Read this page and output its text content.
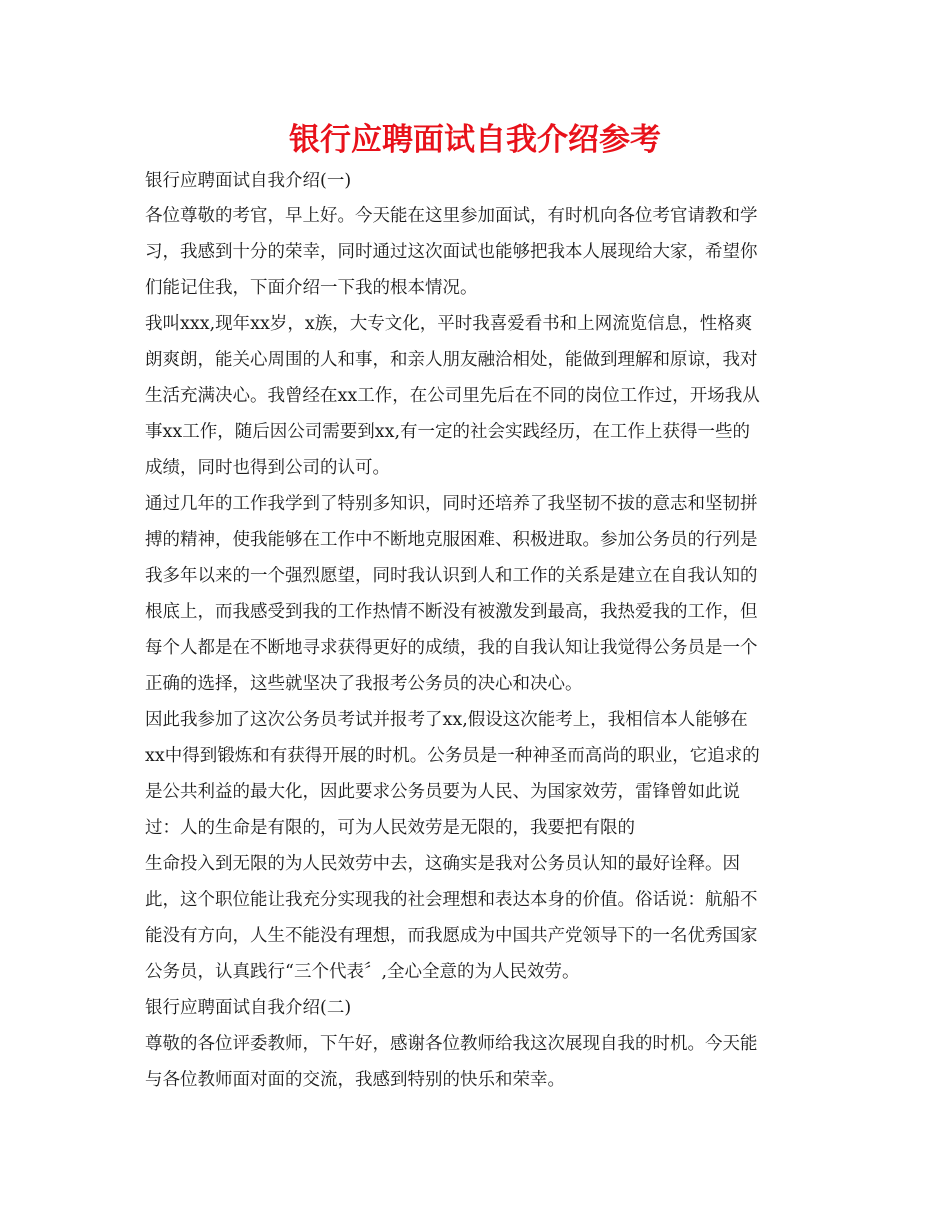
银行应聘面试自我介绍参考

银行应聘面试自我介绍(一)

各位尊敬的考官，早上好。今天能在这里参加面试，有时机向各位考官请教和学

习，我感到十分的荣幸，同时通过这次面试也能够把我本人展现给大家，希望你

们能记住我，下面介绍一下我的根本情况。

我叫xxx,现年xx岁，x族，大专文化，平时我喜爱看书和上网流览信息，性格爽

朗爽朗，能关心周围的人和事，和亲人朋友融洽相处，能做到理解和原谅，我对

生活充满决心。我曾经在xx工作，在公司里先后在不同的岗位工作过，开场我从

事xx工作，随后因公司需要到xx,有一定的社会实践经历，在工作上获得一些的

成绩，同时也得到公司的认可。

通过几年的工作我学到了特别多知识，同时还培养了我坚韧不拔的意志和坚韧拼

搏的精神，使我能够在工作中不断地克服困难、积极进取。参加公务员的行列是

我多年以来的一个强烈愿望，同时我认识到人和工作的关系是建立在自我认知的

根底上，而我感受到我的工作热情不断没有被激发到最高，我热爱我的工作，但

每个人都是在不断地寻求获得更好的成绩，我的自我认知让我觉得公务员是一个

正确的选择，这些就坚决了我报考公务员的决心和决心。

因此我参加了这次公务员考试并报考了xx,假设这次能考上，我相信本人能够在

xx中得到锻炼和有获得开展的时机。公务员是一种神圣而高尚的职业，它追求的

是公共利益的最大化，因此要求公务员要为人民、为国家效劳，雷锋曾如此说

过：人的生命是有限的，可为人民效劳是无限的，我要把有限的

生命投入到无限的为人民效劳中去，这确实是我对公务员认知的最好诠释。因

此，这个职位能让我充分实现我的社会理想和表达本身的价值。俗话说：航船不

能没有方向，人生不能没有理想，而我愿成为中国共产党领导下的一名优秀国家

公务员，认真践行“三个代表〞,全心全意的为人民效劳。

银行应聘面试自我介绍(二)

尊敬的各位评委教师，下午好，感谢各位教师给我这次展现自我的时机。今天能

与各位教师面对面的交流，我感到特别的快乐和荣幸。
